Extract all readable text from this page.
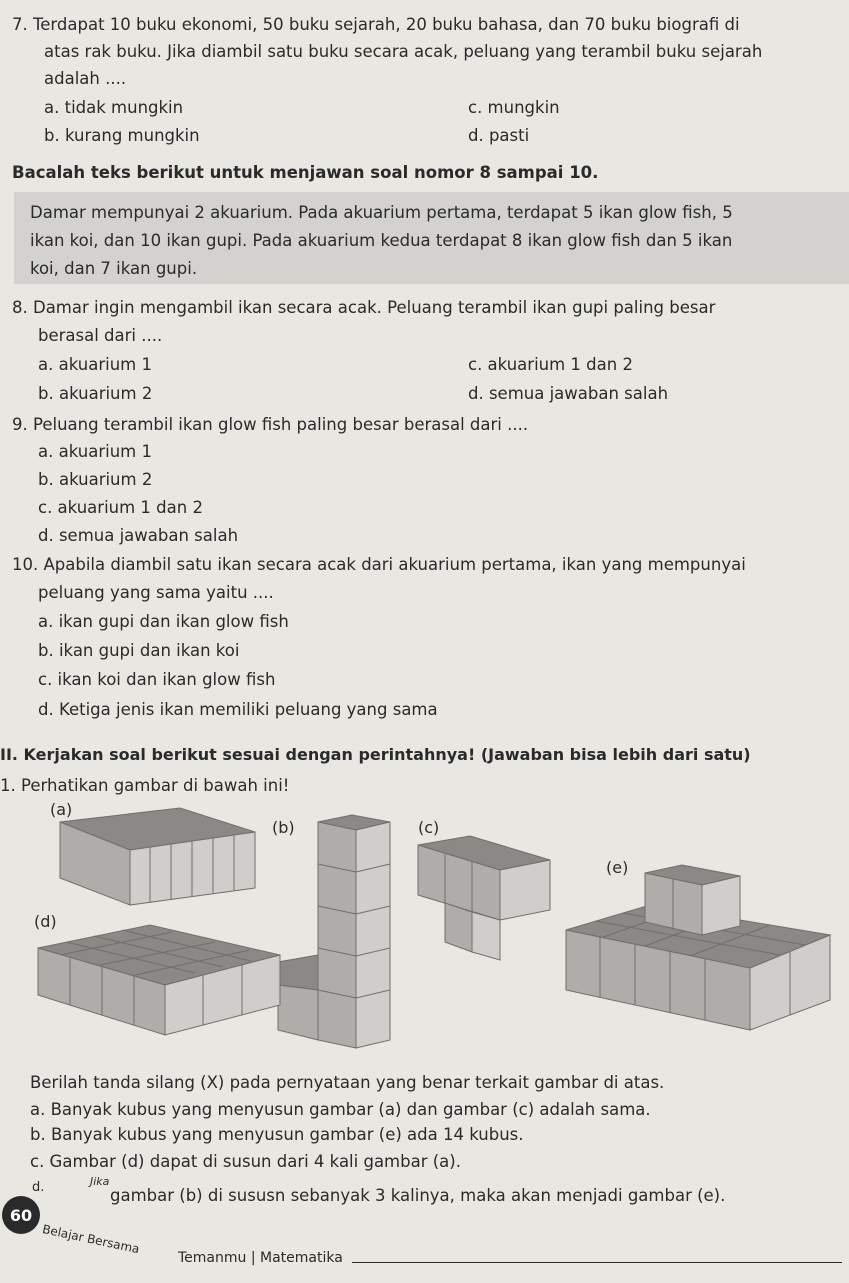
7. Terdapat 10 buku ekonomi, 50 buku sejarah, 20 buku bahasa, dan 70 buku biografi di
atas rak buku. Jika diambil satu buku secara acak, peluang yang terambil buku sejarah
adalah ....
a. tidak mungkin	c. mungkin
b. kurang mungkin	d. pasti
Bacalah teks berikut untuk menjawan soal nomor 8 sampai 10.
Damar mempunyai 2 akuarium. Pada akuarium pertama, terdapat 5 ikan glow fish, 5
ikan koi, dan 10 ikan gupi. Pada akuarium kedua terdapat 8 ikan glow fish dan 5 ikan
koi, dan 7 ikan gupi.
8. Damar ingin mengambil ikan secara acak. Peluang terambil ikan gupi paling besar
berasal dari ....
a. akuarium 1	c. akuarium 1 dan 2
b. akuarium 2	d. semua jawaban salah
9. Peluang terambil ikan glow fish paling besar berasal dari ....
a. akuarium 1
b. akuarium 2
c. akuarium 1 dan 2
d. semua jawaban salah
10. Apabila diambil satu ikan secara acak dari akuarium pertama, ikan yang mempunyai
peluang yang sama yaitu ....
a. ikan gupi dan ikan glow fish
b. ikan gupi dan ikan koi
c. ikan koi dan ikan glow fish
d. Ketiga jenis ikan memiliki peluang yang sama
II. Kerjakan soal berikut sesuai dengan perintahnya! (Jawaban bisa lebih dari satu)
1. Perhatikan gambar di bawah ini!
(a)
(b)	(c)
(d)
(e)
Berilah tanda silang (X) pada pernyataan yang benar terkait gambar di atas.
a. Banyak kubus yang menyusun gambar (a) dan gambar (c) adalah sama.
b. Banyak kubus yang menyusun gambar (e) ada 14 kubus.
c. Gambar (d) dapat di susun dari 4 kali gambar (a).
d.	Jika
gambar (b) di sususn sebanyak 3 kalinya, maka akan menjadi gambar (e).
60
Belajar Bersama
Temanmu | Matematika
